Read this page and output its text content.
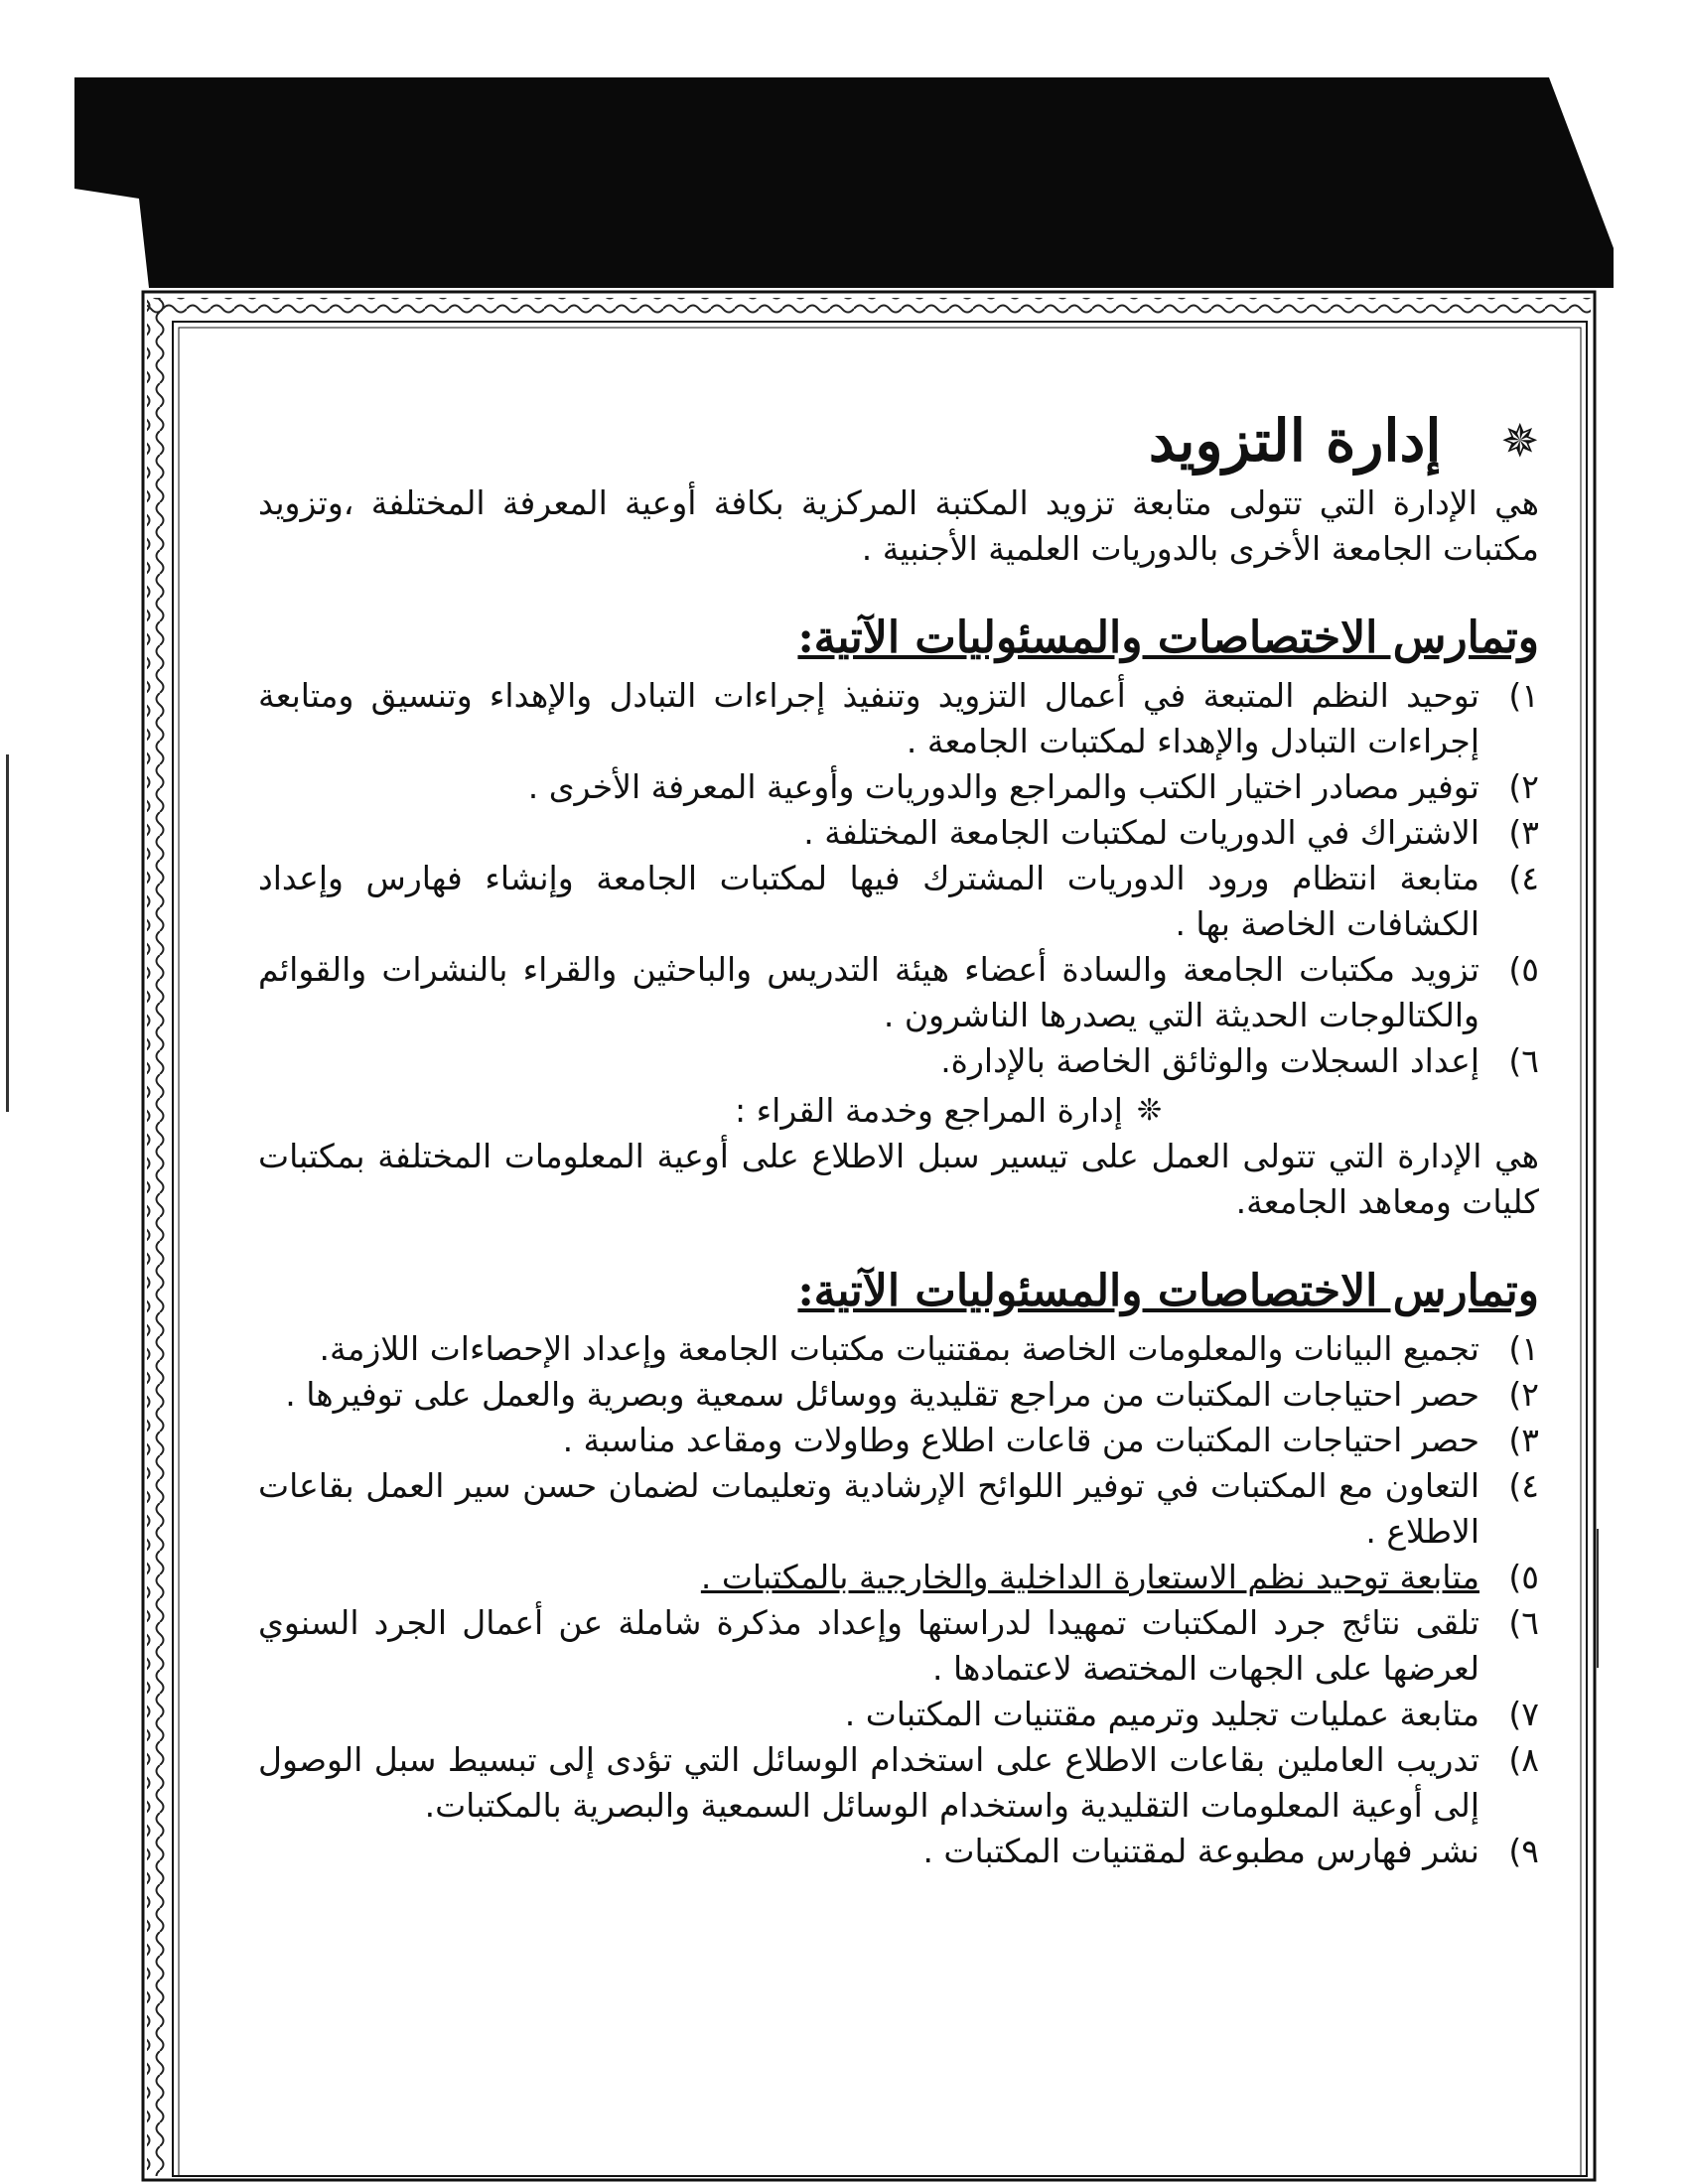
✵
إدارة التزويد

هي الإدارة التي تتولى متابعة تزويد المكتبة المركزية بكافة أوعية المعرفة المختلفة ،وتزويد مكتبات الجامعة الأخرى بالدوريات العلمية الأجنبية .

وتمارس الاختصاصات والمسئوليات الآتية:
١)
توحيد النظم المتبعة في أعمال التزويد وتنفيذ إجراءات التبادل والإهداء وتنسيق ومتابعة إجراءات التبادل والإهداء لمكتبات الجامعة .
٢)
توفير مصادر اختيار الكتب والمراجع والدوريات وأوعية المعرفة الأخرى .
٣)
الاشتراك في الدوريات لمكتبات الجامعة المختلفة .
٤)
متابعة انتظام ورود الدوريات المشترك فيها لمكتبات الجامعة وإنشاء فهارس وإعداد الكشافات الخاصة بها .
٥)
تزويد مكتبات الجامعة والسادة أعضاء هيئة التدريس والباحثين والقراء بالنشرات والقوائم والكتالوجات الحديثة التي يصدرها الناشرون .
٦)
إعداد السجلات والوثائق الخاصة بالإدارة.
❊
إدارة المراجع وخدمة القراء :

هي الإدارة التي تتولى العمل على تيسير سبل الاطلاع على أوعية المعلومات المختلفة بمكتبات كليات ومعاهد الجامعة.

وتمارس الاختصاصات والمسئوليات الآتية:
١)
تجميع البيانات والمعلومات الخاصة بمقتنيات مكتبات الجامعة وإعداد الإحصاءات اللازمة.
٢)
حصر احتياجات المكتبات من مراجع تقليدية ووسائل سمعية وبصرية والعمل على توفيرها .
٣)
حصر احتياجات المكتبات من قاعات اطلاع وطاولات ومقاعد مناسبة .
٤)
التعاون مع المكتبات في توفير اللوائح الإرشادية وتعليمات لضمان حسن سير العمل بقاعات الاطلاع .
٥)
متابعة توحيد نظم الاستعارة الداخلية والخارجية بالمكتبات .
٦)
تلقى نتائج جرد المكتبات تمهيدا لدراستها وإعداد مذكرة شاملة عن أعمال الجرد السنوي لعرضها على الجهات المختصة لاعتمادها .
٧)
متابعة عمليات تجليد وترميم مقتنيات المكتبات .
٨)
تدريب العاملين بقاعات الاطلاع على استخدام الوسائل التي تؤدى إلى تبسيط سبل الوصول إلى أوعية المعلومات التقليدية واستخدام الوسائل السمعية والبصرية بالمكتبات.
٩)
نشر فهارس مطبوعة لمقتنيات المكتبات .
